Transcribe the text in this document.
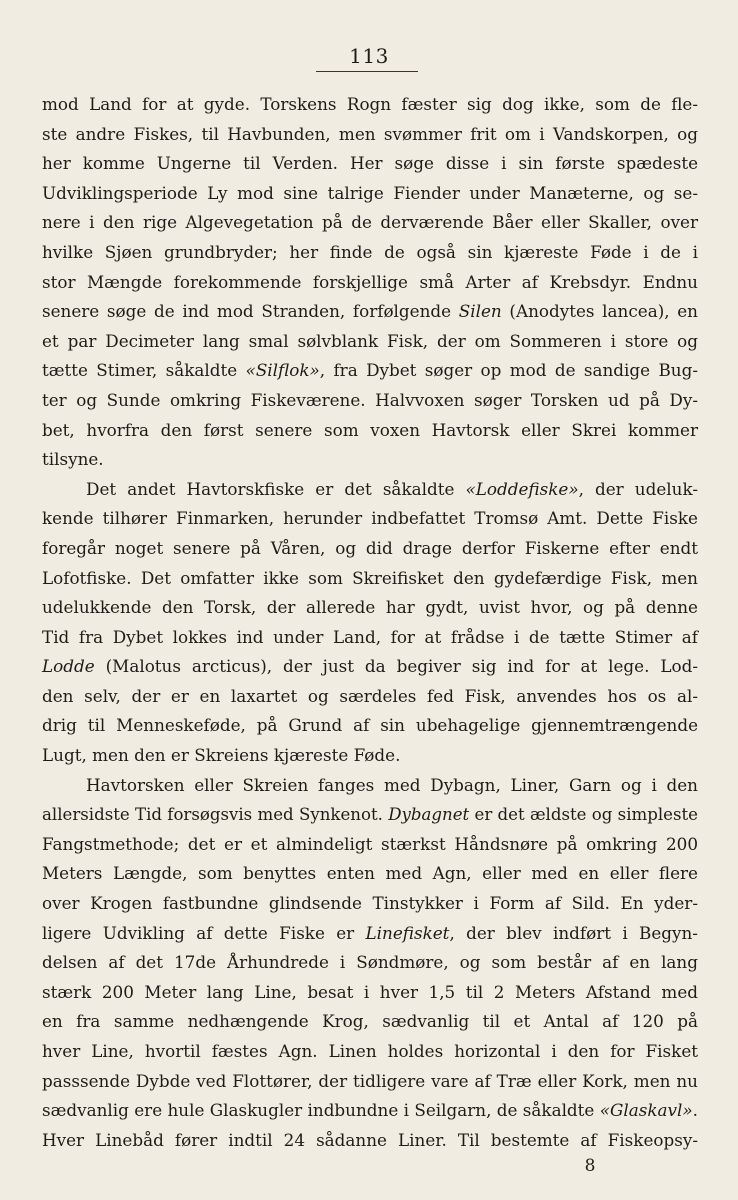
113
mod Land for at gyde. Torskens Rogn fæster sig dog ikke, som de fle-
ste andre Fiskes, til Havbunden, men svømmer frit om i Vandskorpen, og
her komme Ungerne til Verden. Her søge disse i sin første spædeste
Udviklingsperiode Ly mod sine talrige Fiender under Manæterne, og se-
nere i den rige Algevegetation på de derværende Båer eller Skaller, over
hvilke Sjøen grundbryder; her finde de også sin kjæreste Føde i de i
stor Mængde forekommende forskjellige små Arter af Krebsdyr. Endnu
senere søge de ind mod Stranden, forfølgende Silen (Anodytes lancea), en
et par Decimeter lang smal sølvblank Fisk, der om Sommeren i store og
tætte Stimer, såkaldte «Silflok», fra Dybet søger op mod de sandige Bug-
ter og Sunde omkring Fiskeværene. Halvvoxen søger Torsken ud på Dy-
bet, hvorfra den først senere som voxen Havtorsk eller Skrei kommer
tilsyne.
Det andet Havtorskfiske er det såkaldte «Loddefiske», der udeluk-
kende tilhører Finmarken, herunder indbefattet Tromsø Amt. Dette Fiske
foregår noget senere på Våren, og did drage derfor Fiskerne efter endt
Lofotfiske. Det omfatter ikke som Skreifisket den gydefærdige Fisk, men
udelukkende den Torsk, der allerede har gydt, uvist hvor, og på denne
Tid fra Dybet lokkes ind under Land, for at frådse i de tætte Stimer af
Lodde (Malotus arcticus), der just da begiver sig ind for at lege. Lod-
den selv, der er en laxartet og særdeles fed Fisk, anvendes hos os al-
drig til Menneskeføde, på Grund af sin ubehagelige gjennemtrængende
Lugt, men den er Skreiens kjæreste Føde.
Havtorsken eller Skreien fanges med Dybagn, Liner, Garn og i den
allersidste Tid forsøgsvis med Synkenot. Dybagnet er det ældste og simpleste
Fangstmethode; det er et almindeligt stærkst Håndsnøre på omkring 200
Meters Længde, som benyttes enten med Agn, eller med en eller flere
over Krogen fastbundne glindsende Tinstykker i Form af Sild. En yder-
ligere Udvikling af dette Fiske er Linefisket, der blev indført i Begyn-
delsen af det 17de Århundrede i Søndmøre, og som består af en lang
stærk 200 Meter lang Line, besat i hver 1,5 til 2 Meters Afstand med
en fra samme nedhængende Krog, sædvanlig til et Antal af 120 på
hver Line, hvortil fæstes Agn. Linen holdes horizontal i den for Fisket
passsende Dybde ved Flottører, der tidligere vare af Træ eller Kork, men nu
sædvanlig ere hule Glaskugler indbundne i Seilgarn, de såkaldte «Glaskavl».
Hver Linebåd fører indtil 24 sådanne Liner. Til bestemte af Fiskeopsy-
8
